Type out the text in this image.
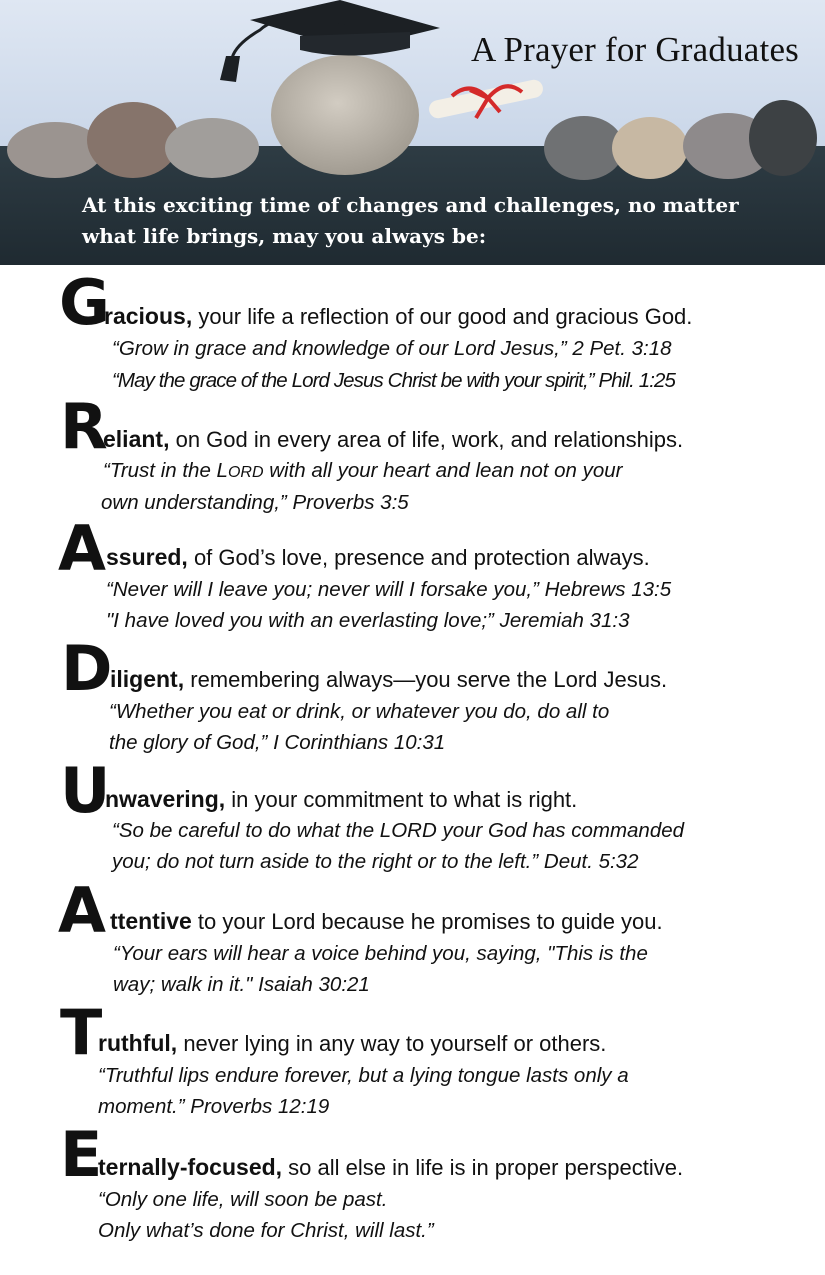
A Prayer for Graduates
At this exciting time of changes and challenges, no matter what life brings, may you always be:
G
racious, your life a reflection of our good and gracious God.
“Grow in grace and knowledge of our Lord Jesus,” 2 Pet. 3:18
“May the grace of the Lord Jesus Christ be with your spirit,” Phil. 1:25
R
eliant, on God in every area of life, work, and relationships.
“Trust in the LORD with all your heart and lean not on your
own understanding,” Proverbs 3:5
A ssured, of God’s love, presence and protection always.
“Never will I leave you; never will I forsake you,” Hebrews 13:5
"I have loved you with an everlasting love;” Jeremiah 31:3
D
iligent, remembering always—you serve the Lord Jesus.
“Whether you eat or drink, or whatever you do, do all to
the glory of God,” I Corinthians 10:31
U
nwavering, in your commitment to what is right.
“So be careful to do what the LORD your God has commanded
you; do not turn aside to the right or to the left.” Deut. 5:32
A ttentive to your Lord because he promises to guide you.
“Your ears will hear a voice behind you, saying, "This is the
way; walk in it." Isaiah 30:21
T
ruthful, never lying in any way to yourself or others.
“Truthful lips endure forever, but a lying tongue lasts only a
moment.” Proverbs 12:19
E
ternally-focused, so all else in life is in proper perspective.
“Only one life, will soon be past.
Only what’s done for Christ, will last.”
